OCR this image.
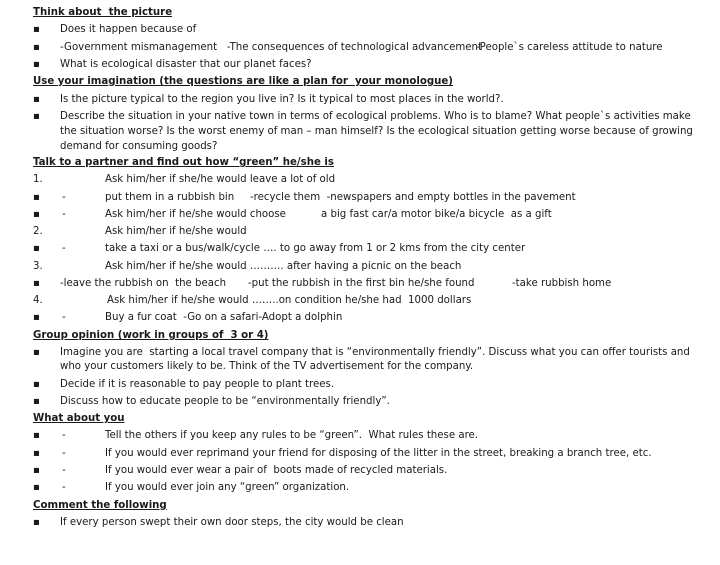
Think about  the picture

▪

Does it happen because of

▪

-Government mismanagement   -The consequences of technological advancement

-People`s careless attitude to nature

▪

What is ecological disaster that our planet faces?

Use your imagination (the questions are like a plan for  your monologue)

▪

Is the picture typical to the region you live in? Is it typical to most places in the world?.

▪

Describe the situation in your native town in terms of ecological problems. Who is to blame? What people`s activities make

the situation worse? Is the worst enemy of man – man himself? Is the ecological situation getting worse because of growing
demand for consuming goods?
Talk to a partner and find out how “green” he/she is

1.

	Ask him/her if she/he would leave a lot of old

▪

-

	put them in a rubbish bin

-recycle them  -newspapers and empty bottles in the pavement

▪

-

	Ask him/her if he/she would choose

	a big fast car/a motor bike/a bicycle  as a gift

2.

	Ask him/her if he/she would

▪

-

	take a taxi or a bus/walk/cycle …. to go away from 1 or 2 kms from the city center

3.

	Ask him/her if he/she would ………. after having a picnic on the beach

▪

-leave the rubbish on  the beach

-put the rubbish in the first bin he/she found

	-take rubbish home

4.

	Ask him/her if he/she would ……..on condition he/she had  1000 dollars

▪

-

	Buy a fur coat  -Go on a safari-Adopt a dolphin

Group opinion (work in groups of  3 or 4)

▪

Imagine you are  starting a local travel company that is “environmentally friendly”. Discuss what you can offer tourists and

who your customers likely to be. Think of the TV advertisement for the company.

▪

Decide if it is reasonable to pay people to plant trees.

▪

Discuss how to educate people to be “environmentally friendly”.

What about you

▪

-

	Tell the others if you keep any rules to be “green”.  What rules these are.

▪

-

	If you would ever reprimand your friend for disposing of the litter in the street, breaking a branch tree, etc.

▪

-

	If you would ever wear a pair of  boots made of recycled materials.

▪

-

	If you would ever join any “green” organization.

Comment the following

▪

If every person swept their own door steps, the city would be clean
